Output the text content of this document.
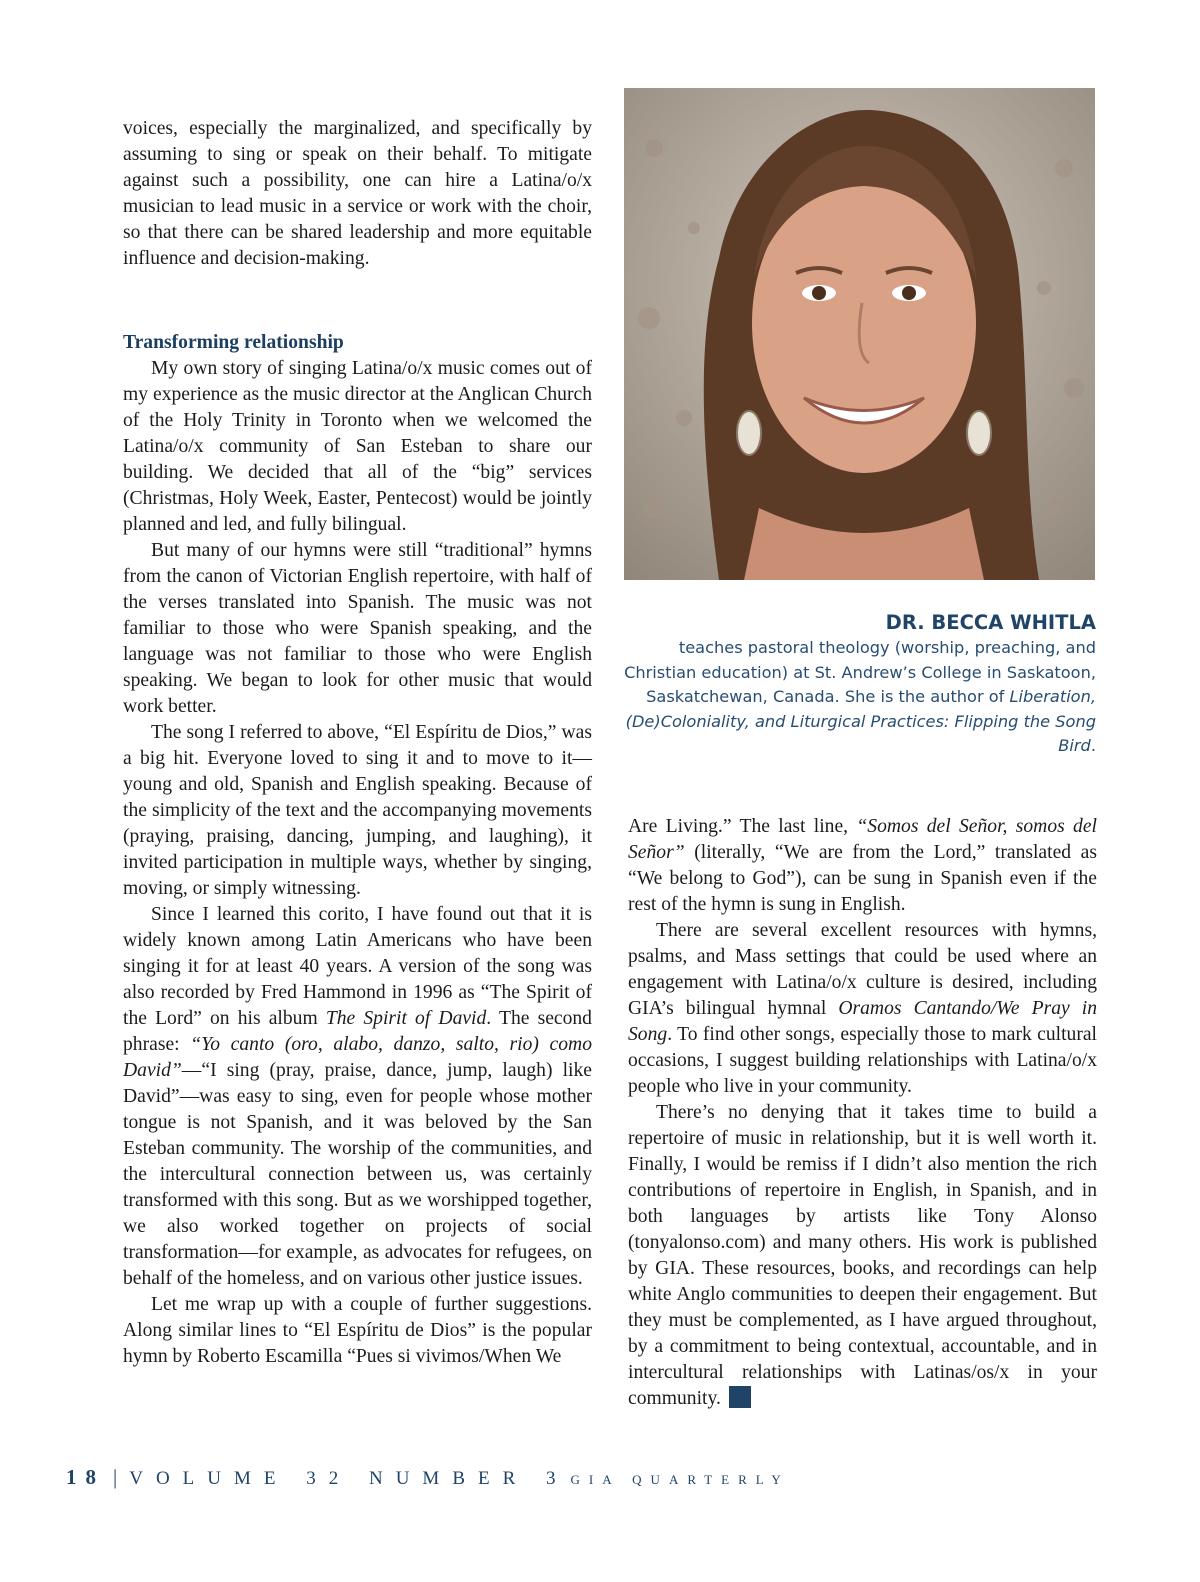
voices, especially the marginalized, and specifically by assuming to sing or speak on their behalf. To mitigate against such a possibility, one can hire a Latina/o/x musician to lead music in a service or work with the choir, so that there can be shared leadership and more equitable influence and decision-making.

Transforming relationship

My own story of singing Latina/o/x music comes out of my experience as the music director at the Anglican Church of the Holy Trinity in Toronto when we welcomed the Latina/o/x community of San Esteban to share our building. We decided that all of the “big” services (Christmas, Holy Week, Easter, Pentecost) would be jointly planned and led, and fully bilingual.

But many of our hymns were still “traditional” hymns from the canon of Victorian English repertoire, with half of the verses translated into Spanish. The music was not familiar to those who were Spanish speaking, and the language was not familiar to those who were English speaking. We began to look for other music that would work better.

The song I referred to above, “El Espíritu de Dios,” was a big hit. Everyone loved to sing it and to move to it—young and old, Spanish and English speaking. Because of the simplicity of the text and the accompanying movements (praying, praising, dancing, jumping, and laughing), it invited participation in multiple ways, whether by singing, moving, or simply witnessing.

Since I learned this corito, I have found out that it is widely known among Latin Americans who have been singing it for at least 40 years. A version of the song was also recorded by Fred Hammond in 1996 as “The Spirit of the Lord” on his album The Spirit of David. The second phrase: “Yo canto (oro, alabo, danzo, salto, rio) como David”—“I sing (pray, praise, dance, jump, laugh) like David”—was easy to sing, even for people whose mother tongue is not Spanish, and it was beloved by the San Esteban community. The worship of the communities, and the intercultural connection between us, was certainly transformed with this song. But as we worshipped together, we also worked together on projects of social transformation—for example, as advocates for refugees, on behalf of the homeless, and on various other justice issues.

Let me wrap up with a couple of further suggestions. Along similar lines to “El Espíritu de Dios” is the popular hymn by Roberto Escamilla “Pues si vivimos/When We

DR. BECCA WHITLA
teaches pastoral theology (worship, preaching, and Christian education) at St. Andrew’s College in Saskatoon, Saskatchewan, Canada. She is the author of Liberation, (De)Coloniality, and Liturgical Practices: Flipping the Song Bird.

Are Living.” The last line, “Somos del Señor, somos del Señor” (literally, “We are from the Lord,” translated as “We belong to God”), can be sung in Spanish even if the rest of the hymn is sung in English.

There are several excellent resources with hymns, psalms, and Mass settings that could be used where an engagement with Latina/o/x culture is desired, including GIA’s bilingual hymnal Oramos Cantando/We Pray in Song. To find other songs, especially those to mark cultural occasions, I suggest building relationships with Latina/o/x people who live in your community.

There’s no denying that it takes time to build a repertoire of music in relationship, but it is well worth it. Finally, I would be remiss if I didn’t also mention the rich contributions of repertoire in English, in Spanish, and in both languages by artists like Tony Alonso (tonyalonso.com) and many others. His work is published by GIA. These resources, books, and recordings can help white Anglo communities to deepen their engagement. But they must be complemented, as I have argued throughout, by a commitment to being contextual, accountable, and in intercultural relationships with Latinas/os/x in your community.

18 | VOLUME 32 NUMBER 3 GIA QUARTERLY
